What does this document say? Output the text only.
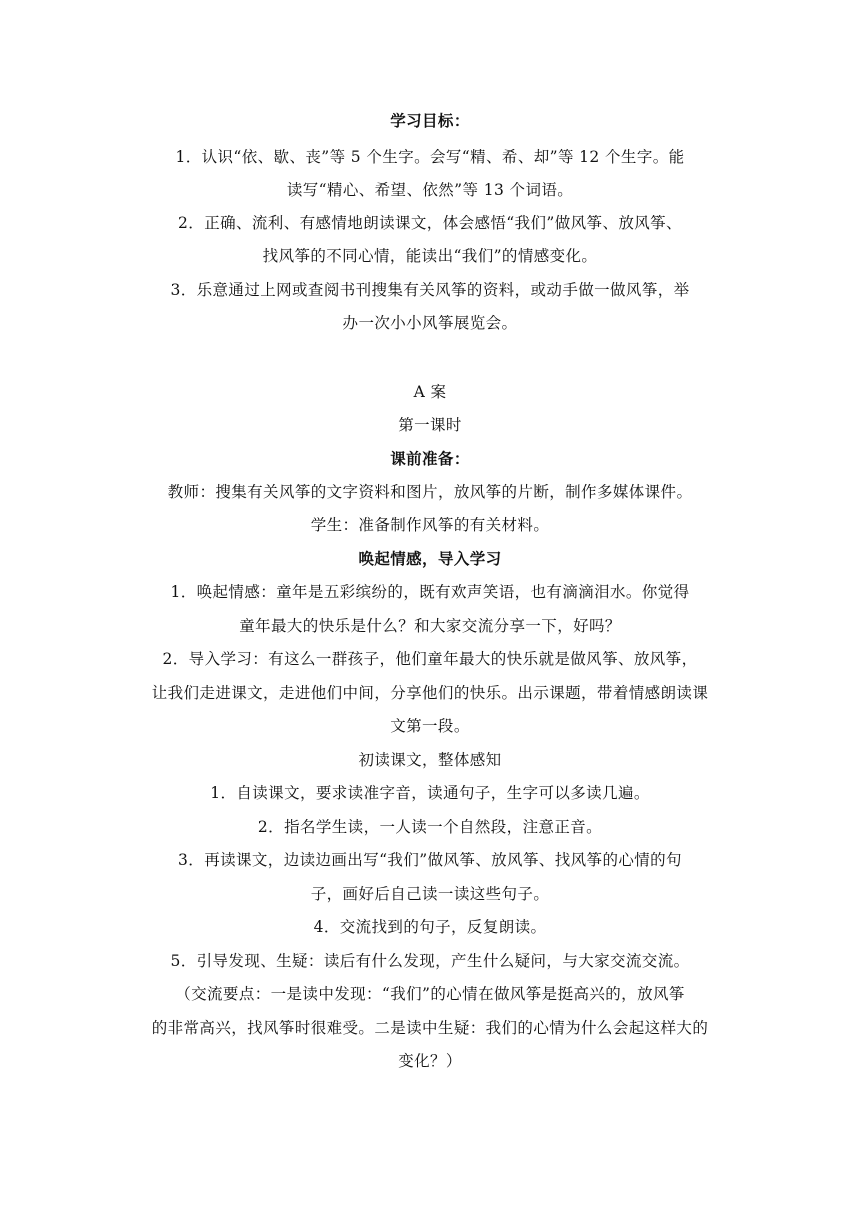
学习目标：
1．认识“依、歇、丧”等 5 个生字。会写“精、希、却”等 12 个生字。能
读写“精心、希望、依然”等 13 个词语。
2．正确、流利、有感情地朗读课文，体会感悟“我们”做风筝、放风筝、
找风筝的不同心情，能读出“我们”的情感变化。
3．乐意通过上网或查阅书刊搜集有关风筝的资料，或动手做一做风筝，举
办一次小小风筝展览会。
A 案
第一课时
课前准备：
教师：搜集有关风筝的文字资料和图片，放风筝的片断，制作多媒体课件。
学生：准备制作风筝的有关材料。
唤起情感，导入学习
1．唤起情感：童年是五彩缤纷的，既有欢声笑语，也有滴滴泪水。你觉得
童年最大的快乐是什么？和大家交流分享一下，好吗？
2．导入学习：有这么一群孩子，他们童年最大的快乐就是做风筝、放风筝，
让我们走进课文，走进他们中间，分享他们的快乐。出示课题，带着情感朗读课
文第一段。
初读课文，整体感知
1．自读课文，要求读准字音，读通句子，生字可以多读几遍。
2．指名学生读，一人读一个自然段，注意正音。
3．再读课文，边读边画出写“我们”做风筝、放风筝、找风筝的心情的句
子，画好后自己读一读这些句子。
4．交流找到的句子，反复朗读。
5．引导发现、生疑：读后有什么发现，产生什么疑问，与大家交流交流。
（交流要点：一是读中发现：“我们”的心情在做风筝是挺高兴的，放风筝
的非常高兴，找风筝时很难受。二是读中生疑：我们的心情为什么会起这样大的
变化？）
